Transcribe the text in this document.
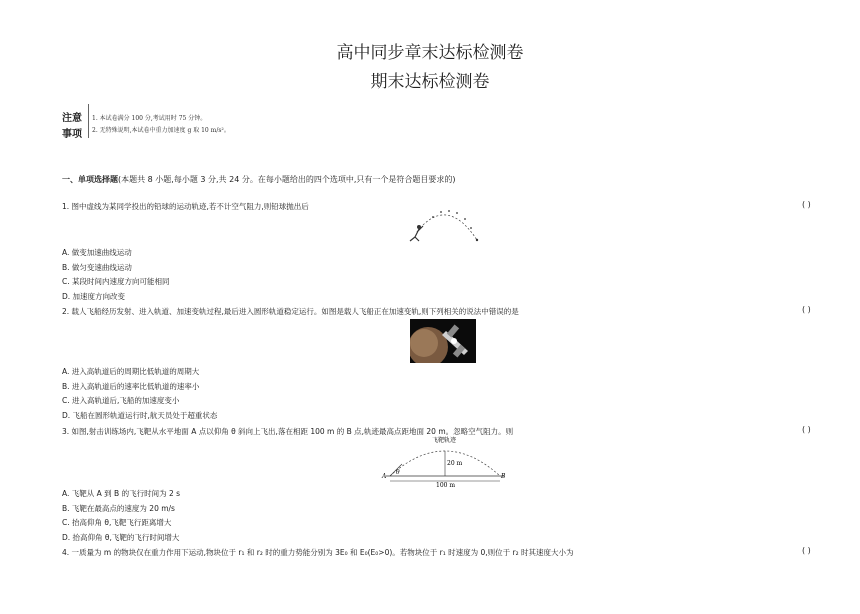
高中同步章末达标检测卷
期末达标检测卷
注意
事项
1. 本试卷满分 100 分,考试用时 75 分钟。
2. 无特殊说明,本试卷中重力加速度 g 取 10 m/s²。
一、单项选择题(本题共 8 小题,每小题 3 分,共 24 分。在每小题给出的四个选项中,只有一个是符合题目要求的)
1. 图中虚线为某同学投出的铅球的运动轨迹,若不计空气阻力,则铅球抛出后	( )
A. 做变加速曲线运动
B. 做匀变速曲线运动
C. 某段时间内速度方向可能相同
D. 加速度方向改变
2. 载人飞船经历发射、进入轨道、加速变轨过程,最后进入圆形轨道稳定运行。如图是载人飞船正在加速变轨,则下列相关的说法中错误的是	( )
A. 进入高轨道后的周期比低轨道的周期大
B. 进入高轨道后的速率比低轨道的速率小
C. 进入高轨道后,飞船的加速度变小
D. 飞船在圆形轨道运行时,航天员处于超重状态
3. 如图,射击训练场内,飞靶从水平地面 A 点以仰角 θ 斜向上飞出,落在相距 100 m 的 B 点,轨迹最高点距地面 20 m。忽略空气阻力。则	( )
飞靶轨迹
20 m
100 m
A	B
θ
A. 飞靶从 A 到 B 的飞行时间为 2 s
B. 飞靶在最高点的速度为 20 m/s
C. 抬高仰角 θ,飞靶飞行距离增大
D. 抬高仰角 θ,飞靶的飞行时间增大
4. 一质量为 m 的物块仅在重力作用下运动,物块位于 r₁ 和 r₂ 时的重力势能分别为 3E₀ 和 E₀(E₀>0)。若物块位于 r₁ 时速度为 0,则位于 r₂ 时其速度大小为	( )
